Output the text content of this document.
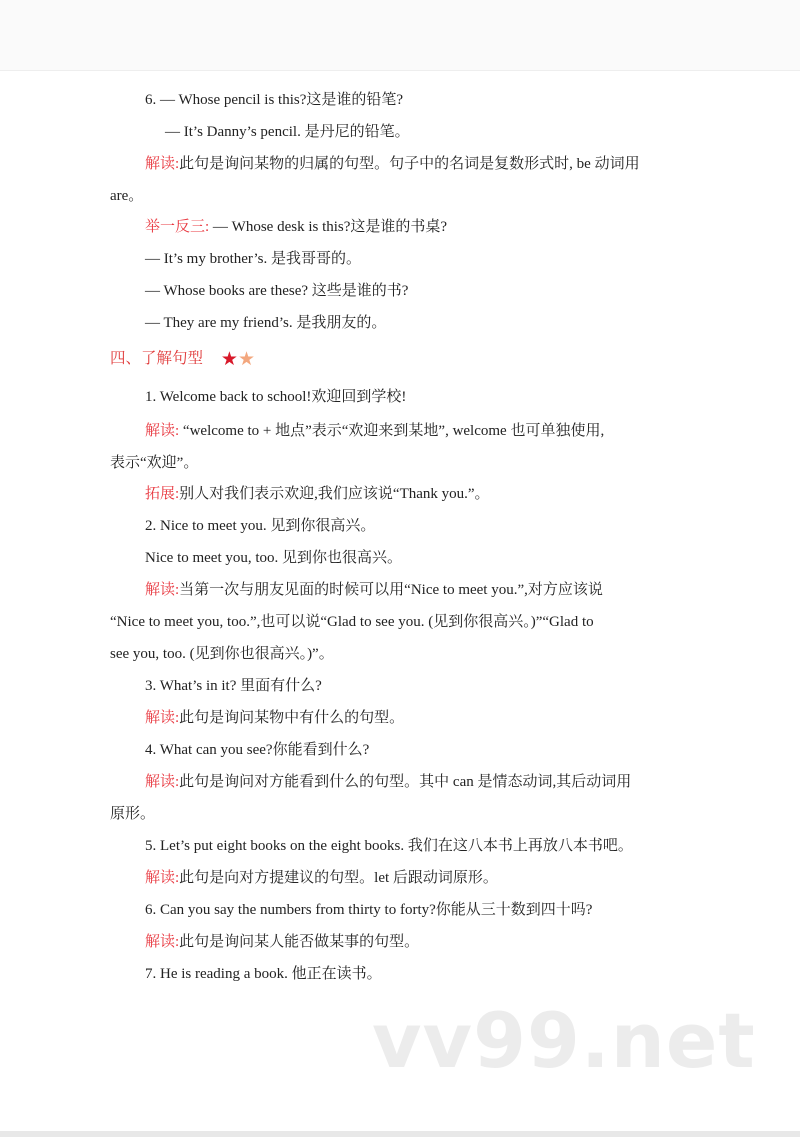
6. — Whose pencil is this?这是谁的铅笔?
— It’s Danny’s pencil. 是丹尼的铅笔。
解读:此句是询问某物的归属的句型。句子中的名词是复数形式时, be 动词用
are。
举一反三: — Whose desk is this?这是谁的书桌?
— It’s my brother’s. 是我哥哥的。
— Whose books are these? 这些是谁的书?
— They are my friend’s. 是我朋友的。
1. Welcome back to school!欢迎回到学校!
解读: “welcome to + 地点”表示“欢迎来到某地”, welcome 也可单独使用,
表示“欢迎”。
拓展:别人对我们表示欢迎,我们应该说“Thank you.”。
2. Nice to meet you. 见到你很高兴。
Nice to meet you, too. 见到你也很高兴。
解读:当第一次与朋友见面的时候可以用“Nice to meet you.”,对方应该说
“Nice to meet you, too.”,也可以说“Glad to see you. (见到你很高兴。)”“Glad to
see you, too. (见到你也很高兴。)”。
3. What’s in it? 里面有什么?
解读:此句是询问某物中有什么的句型。
4. What can you see?你能看到什么?
解读:此句是询问对方能看到什么的句型。其中 can 是情态动词,其后动词用
原形。
5. Let’s put eight books on the eight books. 我们在这八本书上再放八本书吧。
解读:此句是向对方提建议的句型。let 后跟动词原形。
6. Can you say the numbers from thirty to forty?你能从三十数到四十吗?
解读:此句是询问某人能否做某事的句型。
7. He is reading a book. 他正在读书。
四、了解句型 ★★
vv99.net
